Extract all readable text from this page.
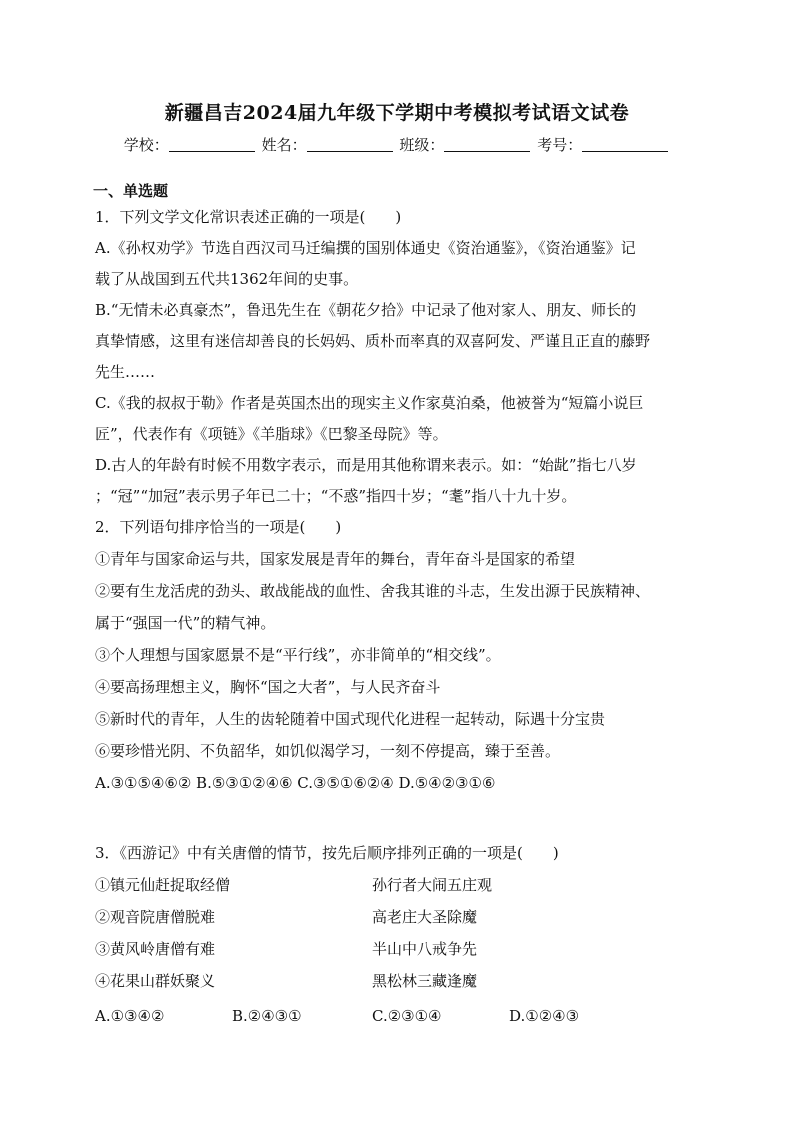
新疆昌吉2024届九年级下学期中考模拟考试语文试卷
学校：	姓名：	班级：	考号：
一、单选题
1．下列文学文化常识表述正确的一项是(　　)
A.《孙权劝学》节选自西汉司马迁编撰的国别体通史《资治通鉴》，《资治通鉴》记
载了从战国到五代共1362年间的史事。
B.“无情未必真豪杰”，鲁迅先生在《朝花夕拾》中记录了他对家人、朋友、师长的
真挚情感，这里有迷信却善良的长妈妈、质朴而率真的双喜阿发、严谨且正直的藤野
先生……
C.《我的叔叔于勒》作者是英国杰出的现实主义作家莫泊桑，他被誉为“短篇小说巨
匠”，代表作有《项链》《羊脂球》《巴黎圣母院》等。
D.古人的年龄有时候不用数字表示，而是用其他称谓来表示。如：“始龀”指七八岁
；“冠”“加冠”表示男子年已二十；“不惑”指四十岁；“耄”指八十九十岁。
2．下列语句排序恰当的一项是(　　)
①青年与国家命运与共，国家发展是青年的舞台，青年奋斗是国家的希望
②要有生龙活虎的劲头、敢战能战的血性、舍我其谁的斗志，生发出源于民族精神、
属于“强国一代”的精气神。
③个人理想与国家愿景不是“平行线”，亦非简单的“相交线”。
④要高扬理想主义，胸怀“国之大者”，与人民齐奋斗
⑤新时代的青年，人生的齿轮随着中国式现代化进程一起转动，际遇十分宝贵
⑥要珍惜光阴、不负韶华，如饥似渴学习，一刻不停提高，臻于至善。
A.③①⑤④⑥② B.⑤③①②④⑥ C.③⑤①⑥②④ D.⑤④②③①⑥
3．《西游记》中有关唐僧的情节，按先后顺序排列正确的一项是(　　)
①镇元仙赶捉取经僧	孙行者大闹五庄观
②观音院唐僧脱难	高老庄大圣除魔
③黄风岭唐僧有难	半山中八戒争先
④花果山群妖聚义	黑松林三藏逢魔
A.①③④②	B.②④③①	C.②③①④	D.①②④③
